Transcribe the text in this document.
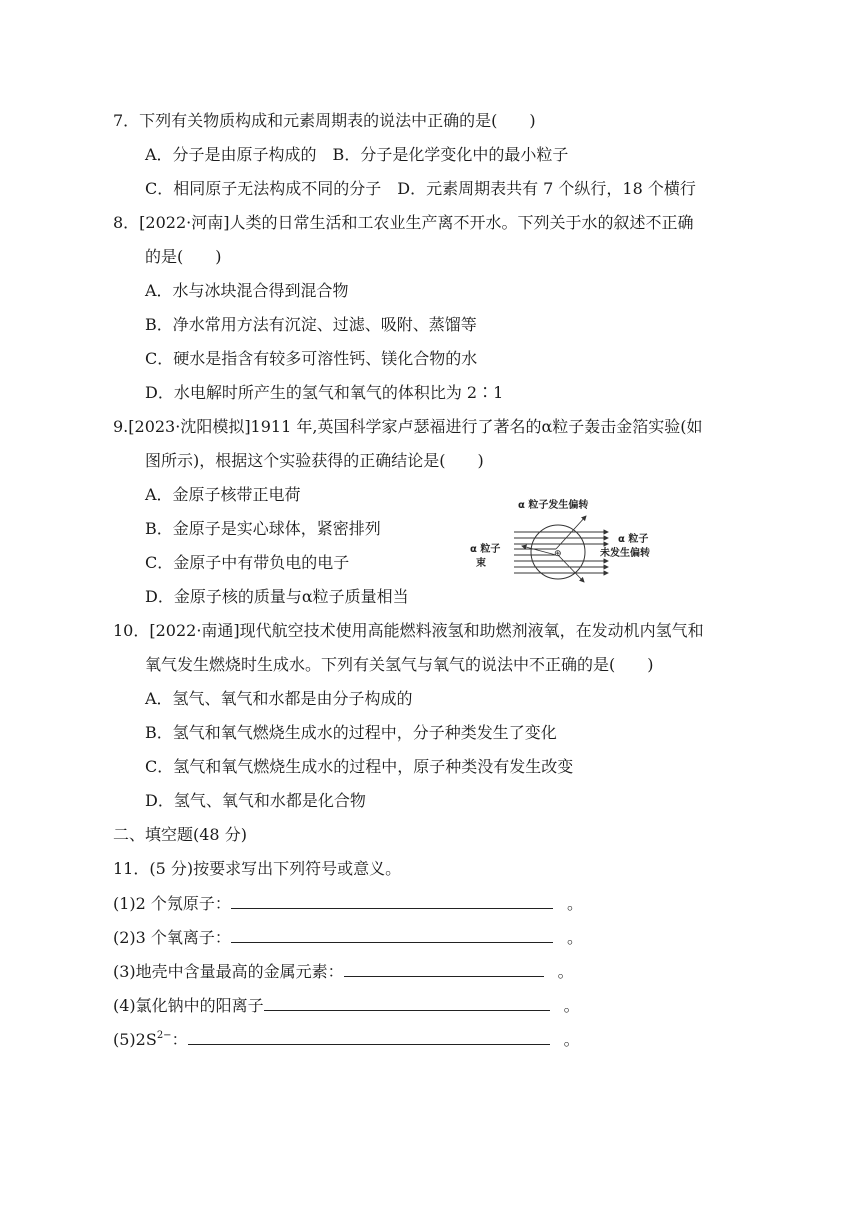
7．下列有关物质构成和元素周期表的说法中正确的是(　　)
A．分子是由原子构成的　B．分子是化学变化中的最小粒子
C．相同原子无法构成不同的分子　D．元素周期表共有 7 个纵行，18 个横行
8．[2022·河南]人类的日常生活和工农业生产离不开水。下列关于水的叙述不正确
的是(　　)
A．水与冰块混合得到混合物
B．净水常用方法有沉淀、过滤、吸附、蒸馏等
C．硬水是指含有较多可溶性钙、镁化合物的水
D．水电解时所产生的氢气和氧气的体积比为 2∶1
9.[2023·沈阳模拟]1911 年,英国科学家卢瑟福进行了著名的α粒子轰击金箔实验(如
图所示)，根据这个实验获得的正确结论是(　　)
A．金原子核带正电荷
B．金原子是实心球体，紧密排列
C．金原子中有带负电的电子
D．金原子核的质量与α粒子质量相当
α 粒子发生偏转
α 粒子
束
α 粒子
未发生偏转
⊕
10．[2022·南通]现代航空技术使用高能燃料液氢和助燃剂液氧，在发动机内氢气和
氧气发生燃烧时生成水。下列有关氢气与氧气的说法中不正确的是(　　)
A．氢气、氧气和水都是由分子构成的
B．氢气和氧气燃烧生成水的过程中，分子种类发生了变化
C．氢气和氧气燃烧生成水的过程中，原子种类没有发生改变
D．氢气、氧气和水都是化合物
二、填空题(48 分)
11．(5 分)按要求写出下列符号或意义。
(1)2 个氖原子：	。
(2)3 个氧离子：	。
(3)地壳中含量最高的金属元素：	。
(4)氯化钠中的阳离子	。
$(5)2S^{2-}$：	。
